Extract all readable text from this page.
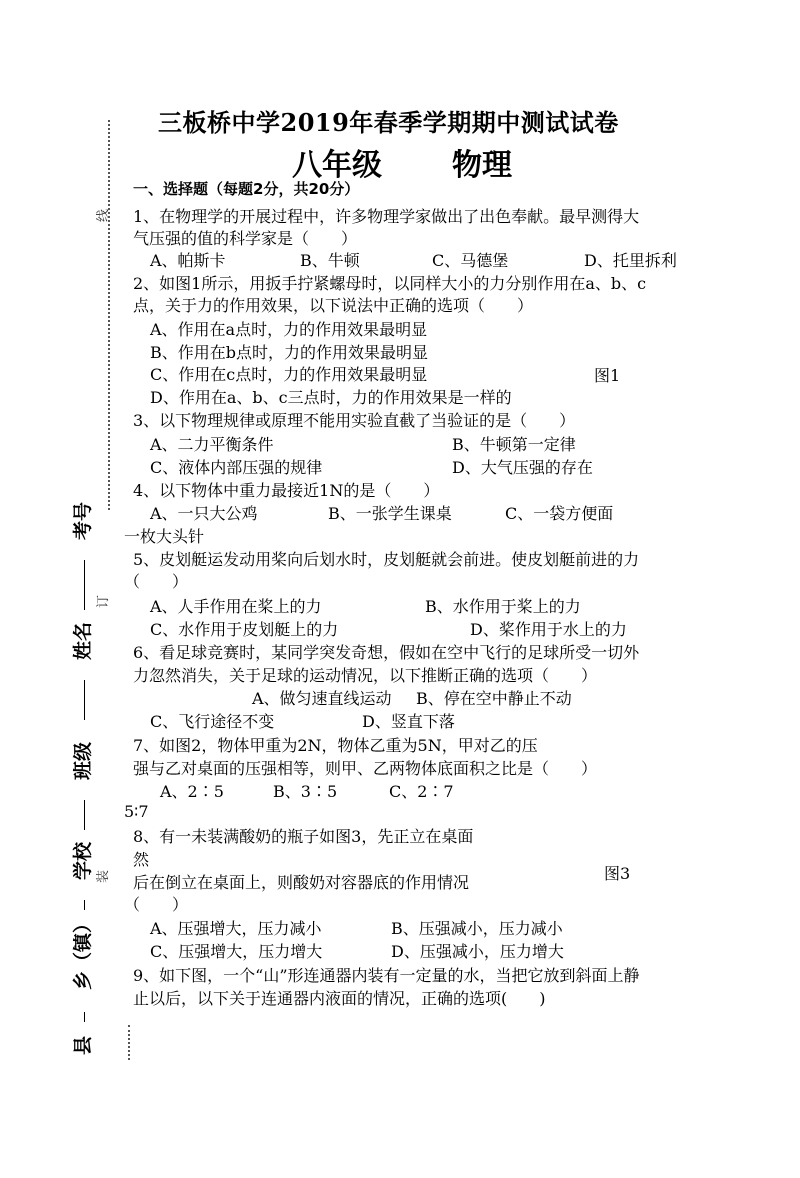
线
订
装
考号
姓名
班级
学校
乡（镇）
县
三板桥中学2019年春季学期期中测试试卷
八年级 物理
一、选择题（每题2分，共20分）
1、在物理学的开展过程中，许多物理学家做出了出色奉献。最早测得大
气压强的值的科学家是（　　）
A、帕斯卡	B、牛顿	C、马德堡	D、托里拆利
2、如图1所示，用扳手拧紧螺母时，以同样大小的力分别作用在a、b、c
点，关于力的作用效果，以下说法中正确的选项（　　）
A、作用在a点时，力的作用效果最明显
B、作用在b点时，力的作用效果最明显
C、作用在c点时，力的作用效果最明显	图1
D、作用在a、b、c三点时，力的作用效果是一样的
3、以下物理规律或原理不能用实验直截了当验证的是（　　）
A、二力平衡条件	B、牛顿第一定律
C、液体内部压强的规律	D、大气压强的存在
4、以下物体中重力最接近1N的是（　　）
A、一只大公鸡	B、一张学生课桌	C、一袋方便面
一枚大头针
5、皮划艇运发动用桨向后划水时，皮划艇就会前进。使皮划艇前进的力
（　　）
A、人手作用在桨上的力	B、水作用于桨上的力
C、水作用于皮划艇上的力	D、桨作用于水上的力
6、看足球竞赛时，某同学突发奇想，假如在空中飞行的足球所受一切外
力忽然消失，关于足球的运动情况，以下推断正确的选项（　　）
A、做匀速直线运动 B、停在空中静止不动
C、飞行途径不变	D、竖直下落
7、如图2，物体甲重为2N，物体乙重为5N，甲对乙的压
强与乙对桌面的压强相等，则甲、乙两物体底面积之比是（　　）
A、2∶5	B、3∶5	C、2∶7
5∶7
8、有一未装满酸奶的瓶子如图3，先正立在桌面
然
图3
后在倒立在桌面上，则酸奶对容器底的作用情况
（　　）
A、压强增大，压力减小	B、压强减小，压力减小
C、压强增大，压力增大	D、压强减小，压力增大
9、如下图，一个“山”形连通器内装有一定量的水，当把它放到斜面上静
止以后，以下关于连通器内液面的情况，正确的选项(　　)
